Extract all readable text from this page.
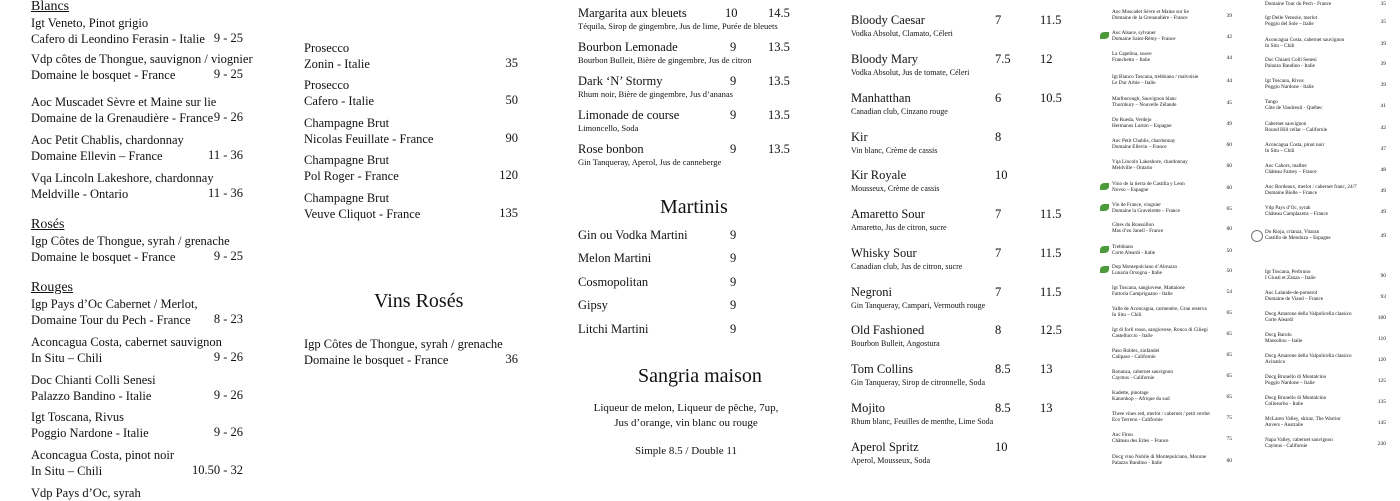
Blancs
Igt Veneto, Pinot grigio
Cafero di Leondino Ferasin - Italie 9 - 25
Vdp côtes de Thongue, sauvignon / viognier
Domaine le bosquet - France	9 - 25
Aoc Muscadet Sèvre et Maine sur lie
Domaine de la Grenaudière - France 9 - 26
Aoc Petit Chablis, chardonnay
Domaine Ellevin – France	11 - 36
Vqa Lincoln Lakeshore, chardonnay
Meldville - Ontario	11 - 36
Rosés
Igp Côtes de Thongue, syrah / grenache
Domaine le bosquet - France	9 - 25
Rouges
Igp Pays d’Oc Cabernet / Merlot,
Domaine Tour du Pech - France	8 - 23
Aconcagua Costa, cabernet sauvignon
In Situ – Chili	9 - 26
Doc Chianti Colli Senesi
Palazzo Bandino - Italie	9 - 26
Igt Toscana, Rivus
Poggio Nardone - Italie	9 - 26
Aconcagua Costa, pinot noir
In Situ – Chili	10.50 - 32
Vdp Pays d’Oc, syrah
Prosecco
Zonin - Italie	35
Prosecco
Cafero - Italie	50
Champagne Brut
Nicolas Feuillate - France	90
Champagne Brut
Pol Roger - France	120
Champagne Brut
Veuve Cliquot - France	135
Vins Rosés
Igp Côtes de Thongue, syrah / grenache
Domaine le bosquet - France	36
Margarita aux bleuets
Téquila, Sirop de gingembre, Jus de lime, Purée de bleuets
10 14.5
Bourbon Lemonade
Bourbon Bulleit, Bière de gingembre, Jus de citron
9	13.5
Dark ‘N’ Stormy
Rhum noir, Bière de gingembre, Jus d’ananas
9	13.5
Limonade de course
Limoncello, Soda
9	13.5
Rose bonbon
Gin Tanqueray, Aperol, Jus de canneberge
9	13.5
Martinis
Gin ou Vodka Martini	9
Melon Martini	9
Cosmopolitan	9
Gipsy	9
Litchi Martini	9
Sangria maison
Liqueur de melon, Liqueur de pêche, 7up,
Jus d’orange, vin blanc ou rouge
Simple 8.5 / Double 11
Bloody Caesar
Vodka Absolut, Clamato, Céleri
7	11.5
Bloody Mary
Vodka Absolut, Jus de tomate, Céleri
7.5 12
Manhatthan
Canadian club, Cinzano rouge
6	10.5
Kir
Vin blanc, Crème de cassis
8
Kir Royale
Mousseux, Crème de cassis
10
Amaretto Sour
Amaretto, Jus de citron, sucre
7	11.5
Whisky Sour
Canadian club, Jus de citron, sucre
7	11.5
Negroni
Gin Tanqueray, Campari, Vermouth rouge
7	11.5
Old Fashioned
Bourbon Bulleit, Angostura
8	12.5
Tom Collins
Gin Tanqueray, Sirop de citronnelle, Soda
8.5 13
Mojito
Rhum blanc, Feuilles de menthe, Lime Soda
8.5 13
Aperol Spritz
Aperol, Mousseux, Soda
10
Aoc Muscadet Sèvre et Maine sur lie
Domaine de la Grenaudière - France	39
Aoc Alsace, sylvaner
Domaine Saint-Rémy - France	42
La Capelina, soave
Franchetto – Italie	44
Igt Bianco Toscana, trebbiano / malvoisie
Le Dur Arbie – Italie	44
Marlborough, Sauvignon blanc
Thornbury – Nouvelle Zélande	45
Do Rueda, Verdejo
Hermanos Lurton – Espagne	49
Aoc Petit Chablis, chardonnay
Domaine Ellevin – France	60
Vqa Lincoln Lakeshore, chardonnay
Meldville - Ontario	60
Vino de la tierra de Castilla y Leon
Novso – Espagne	60
Vin de France, viognier
Domaine la Graveirette – France	65
Côtes du Roussillon
Mas d’en Janeil - France	80
Trebbiano
Corte Aleardi - Italie	50
Dop Montepulciano d’Abruzzo
Lunaria Orsogna - Italie	50
Igt Toscana, sangiovese, Mattaione
Fattoria Campriguano - Italie	54
Valle de Aconcagua, carmenère, Gran reserva
In Situ – Chili	65
Igt di forli rosso, sangiovese, Ronco di Ciliegi
Castelluccio - Italie	65
Paso Robles, zinfandel
Calipaso - Californie	65
Bonanza, cabernet sauvignon
Caymus - Californie	65
Kadette, pinotage
Kanonkop – Afrique du sud	65
Three vines red, merlot / cabernet / petit verdot
Eco Terreno - Californie	75
Aoc Fitou
Château des Erles – France	75
Docg vino Nobile di Montepulciano, Morone
Palazzo Bandino - Italie	80
Domaine Tour du Pech - France	35
Igt Delle Venezie, merlot
Poggio del Sole – Italie	35
Aconcagua Costa, cabernet sauvignon
In Situ – Chili	39
Doc Chianti Colli Senesi
Palazzo Bandino - Italie	39
Igt Toscana, Rivus
Poggio Nardone - Italie	39
Tango
Côte de Vaudreuil - Québec	41
Cabernet sauvignon
Round Hill cellar – Californie	42
Aconcagua Costa, pinot noir
In Situ – Chili	47
Aoc Cahors, malbec
Château Famey – France	48
Aoc Bordeaux, merlot / cabernet franc, 24/7
Domaine Bielle – France	49
Vdp Pays d’Oc, syrah
Château Camplazens – France	49
Do Rioja, crianza, Vitaran
Castillo de Mendoza – Espagne	49
Igt Toscana, Perbruno
I Giusti et Zanza – Italie	90
Aoc Lalande-de-pomerol
Domaine de Viaud – France	93
Docg Amarone della Valpolicella classico
Corte Aleardi	100
Docg Barolo
Massolino – Italie	110
Docg Amarone della Valpolicella classico
Acinatico	120
Docg Brunello di Montalcino
Poggio Nardone – Italie	125
Docg Brunello di Montalcino
Collosorbo - Italie	135
McLaren Valley, shiraz, The Warrior
Anvers - Australie	145
Napa Valley, cabernet sauvignon
Caymus - Californie	230
